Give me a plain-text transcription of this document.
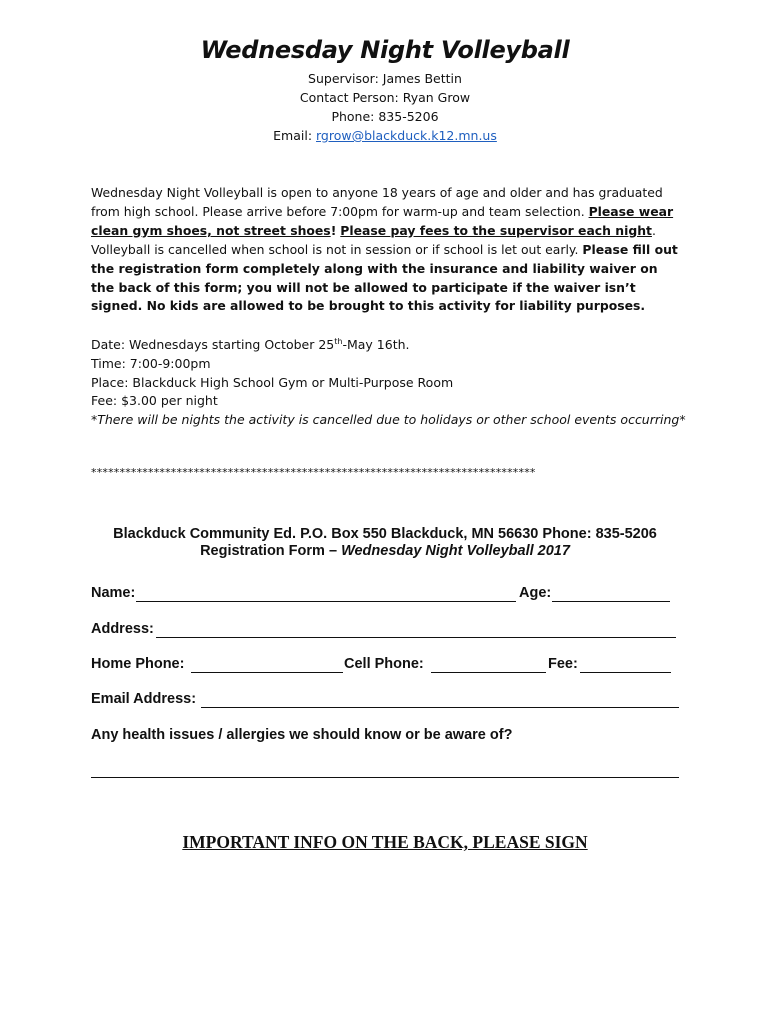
Wednesday Night Volleyball
Supervisor: James Bettin
Contact Person: Ryan Grow
Phone: 835-5206
Email: rgrow@blackduck.k12.mn.us
Wednesday Night Volleyball is open to anyone 18 years of age and older and has graduated from high school. Please arrive before 7:00pm for warm-up and team selection. Please wear clean gym shoes, not street shoes! Please pay fees to the supervisor each night. Volleyball is cancelled when school is not in session or if school is let out early. Please fill out the registration form completely along with the insurance and liability waiver on the back of this form; you will not be allowed to participate if the waiver isn’t signed. No kids are allowed to be brought to this activity for liability purposes.
Date: Wednesdays starting October 25th-May 16th.
Time: 7:00-9:00pm
Place: Blackduck High School Gym or Multi-Purpose Room
Fee: $3.00 per night
*There will be nights the activity is cancelled due to holidays or other school events occurring*
******************************************************************************
Blackduck Community Ed. P.O. Box 550 Blackduck, MN 56630 Phone: 835-5206
Registration Form – Wednesday Night Volleyball 2017
Name:	Age:
Address:
Home Phone:	Cell Phone:	Fee:
Email Address:
Any health issues / allergies we should know or be aware of?
IMPORTANT INFO ON THE BACK, PLEASE SIGN
